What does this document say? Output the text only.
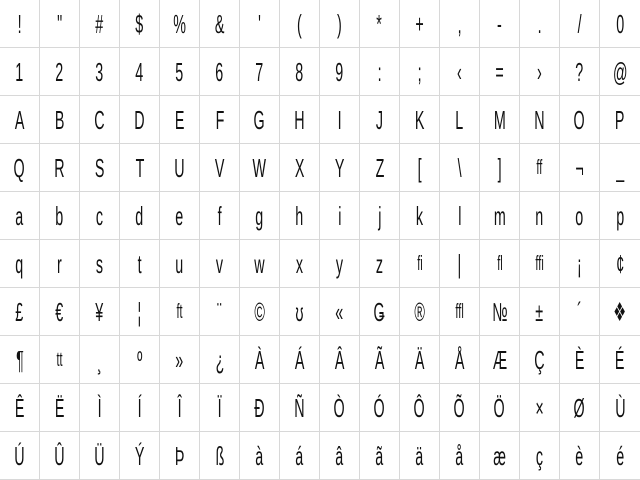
! " # $ % & ' ( ) * + , - . / 0
1 2 3 4 5 6 7 8 9 : ; ‹ = › ? @
A B C D E F G H I J K L M N O P
Q R S T U V W X Y Z [ \ ] ff ¬ _
a b c d e f g h i j k l m n o p
q r s t u v w x y z fi | fl ffi ¡ ¢
£ € ¥ ¦ ft ¨ © ʊ « Ǥ ® ffl № ± ´ ❖
¶ tt ¸ º » ¿ À Á Â Ã Ä Å Æ Ç È É
Ê Ë Ì Í Î Ï Ð Ñ Ò Ó Ô Õ Ö × Ø Ù
Ú Û Ü Ý Þ ß à á â ã ä å æ ç è é
